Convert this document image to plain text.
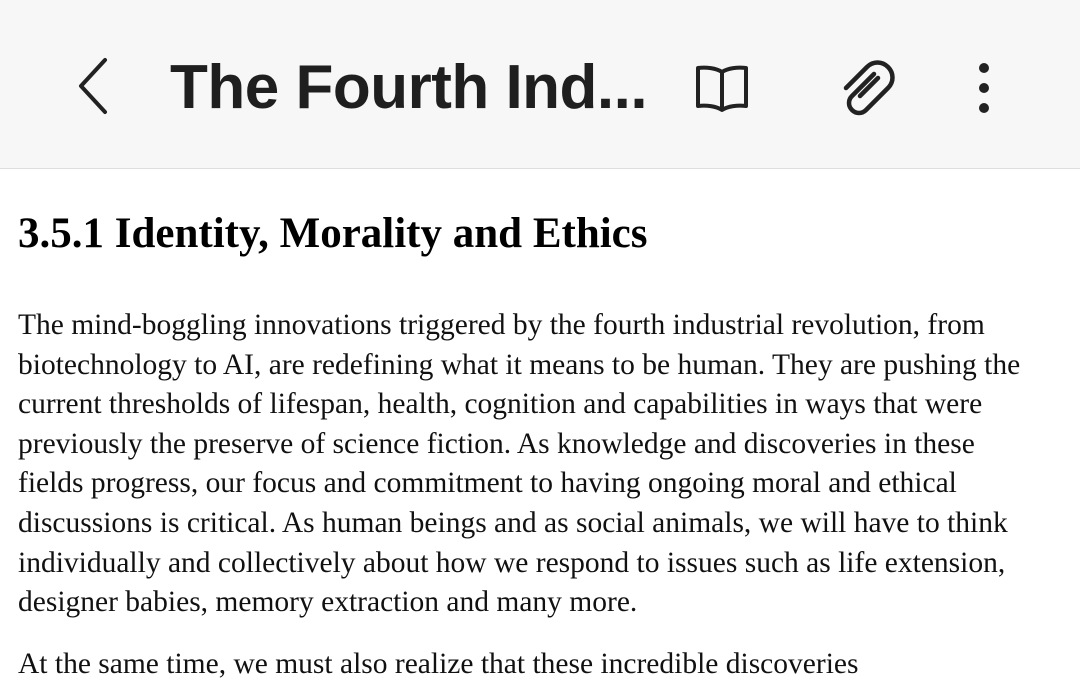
The Fourth Ind...
3.5.1 Identity, Morality and Ethics

The mind-boggling innovations triggered by the fourth industrial revolution, from biotechnology to AI, are redefining what it means to be human. They are pushing the current thresholds of lifespan, health, cognition and capabilities in ways that were previously the preserve of science fiction. As knowledge and discoveries in these fields progress, our focus and commitment to having ongoing moral and ethical discussions is critical. As human beings and as social animals, we will have to think individually and collectively about how we respond to issues such as life extension, designer babies, memory extraction and many more.

At the same time, we must also realize that these incredible discoveries
